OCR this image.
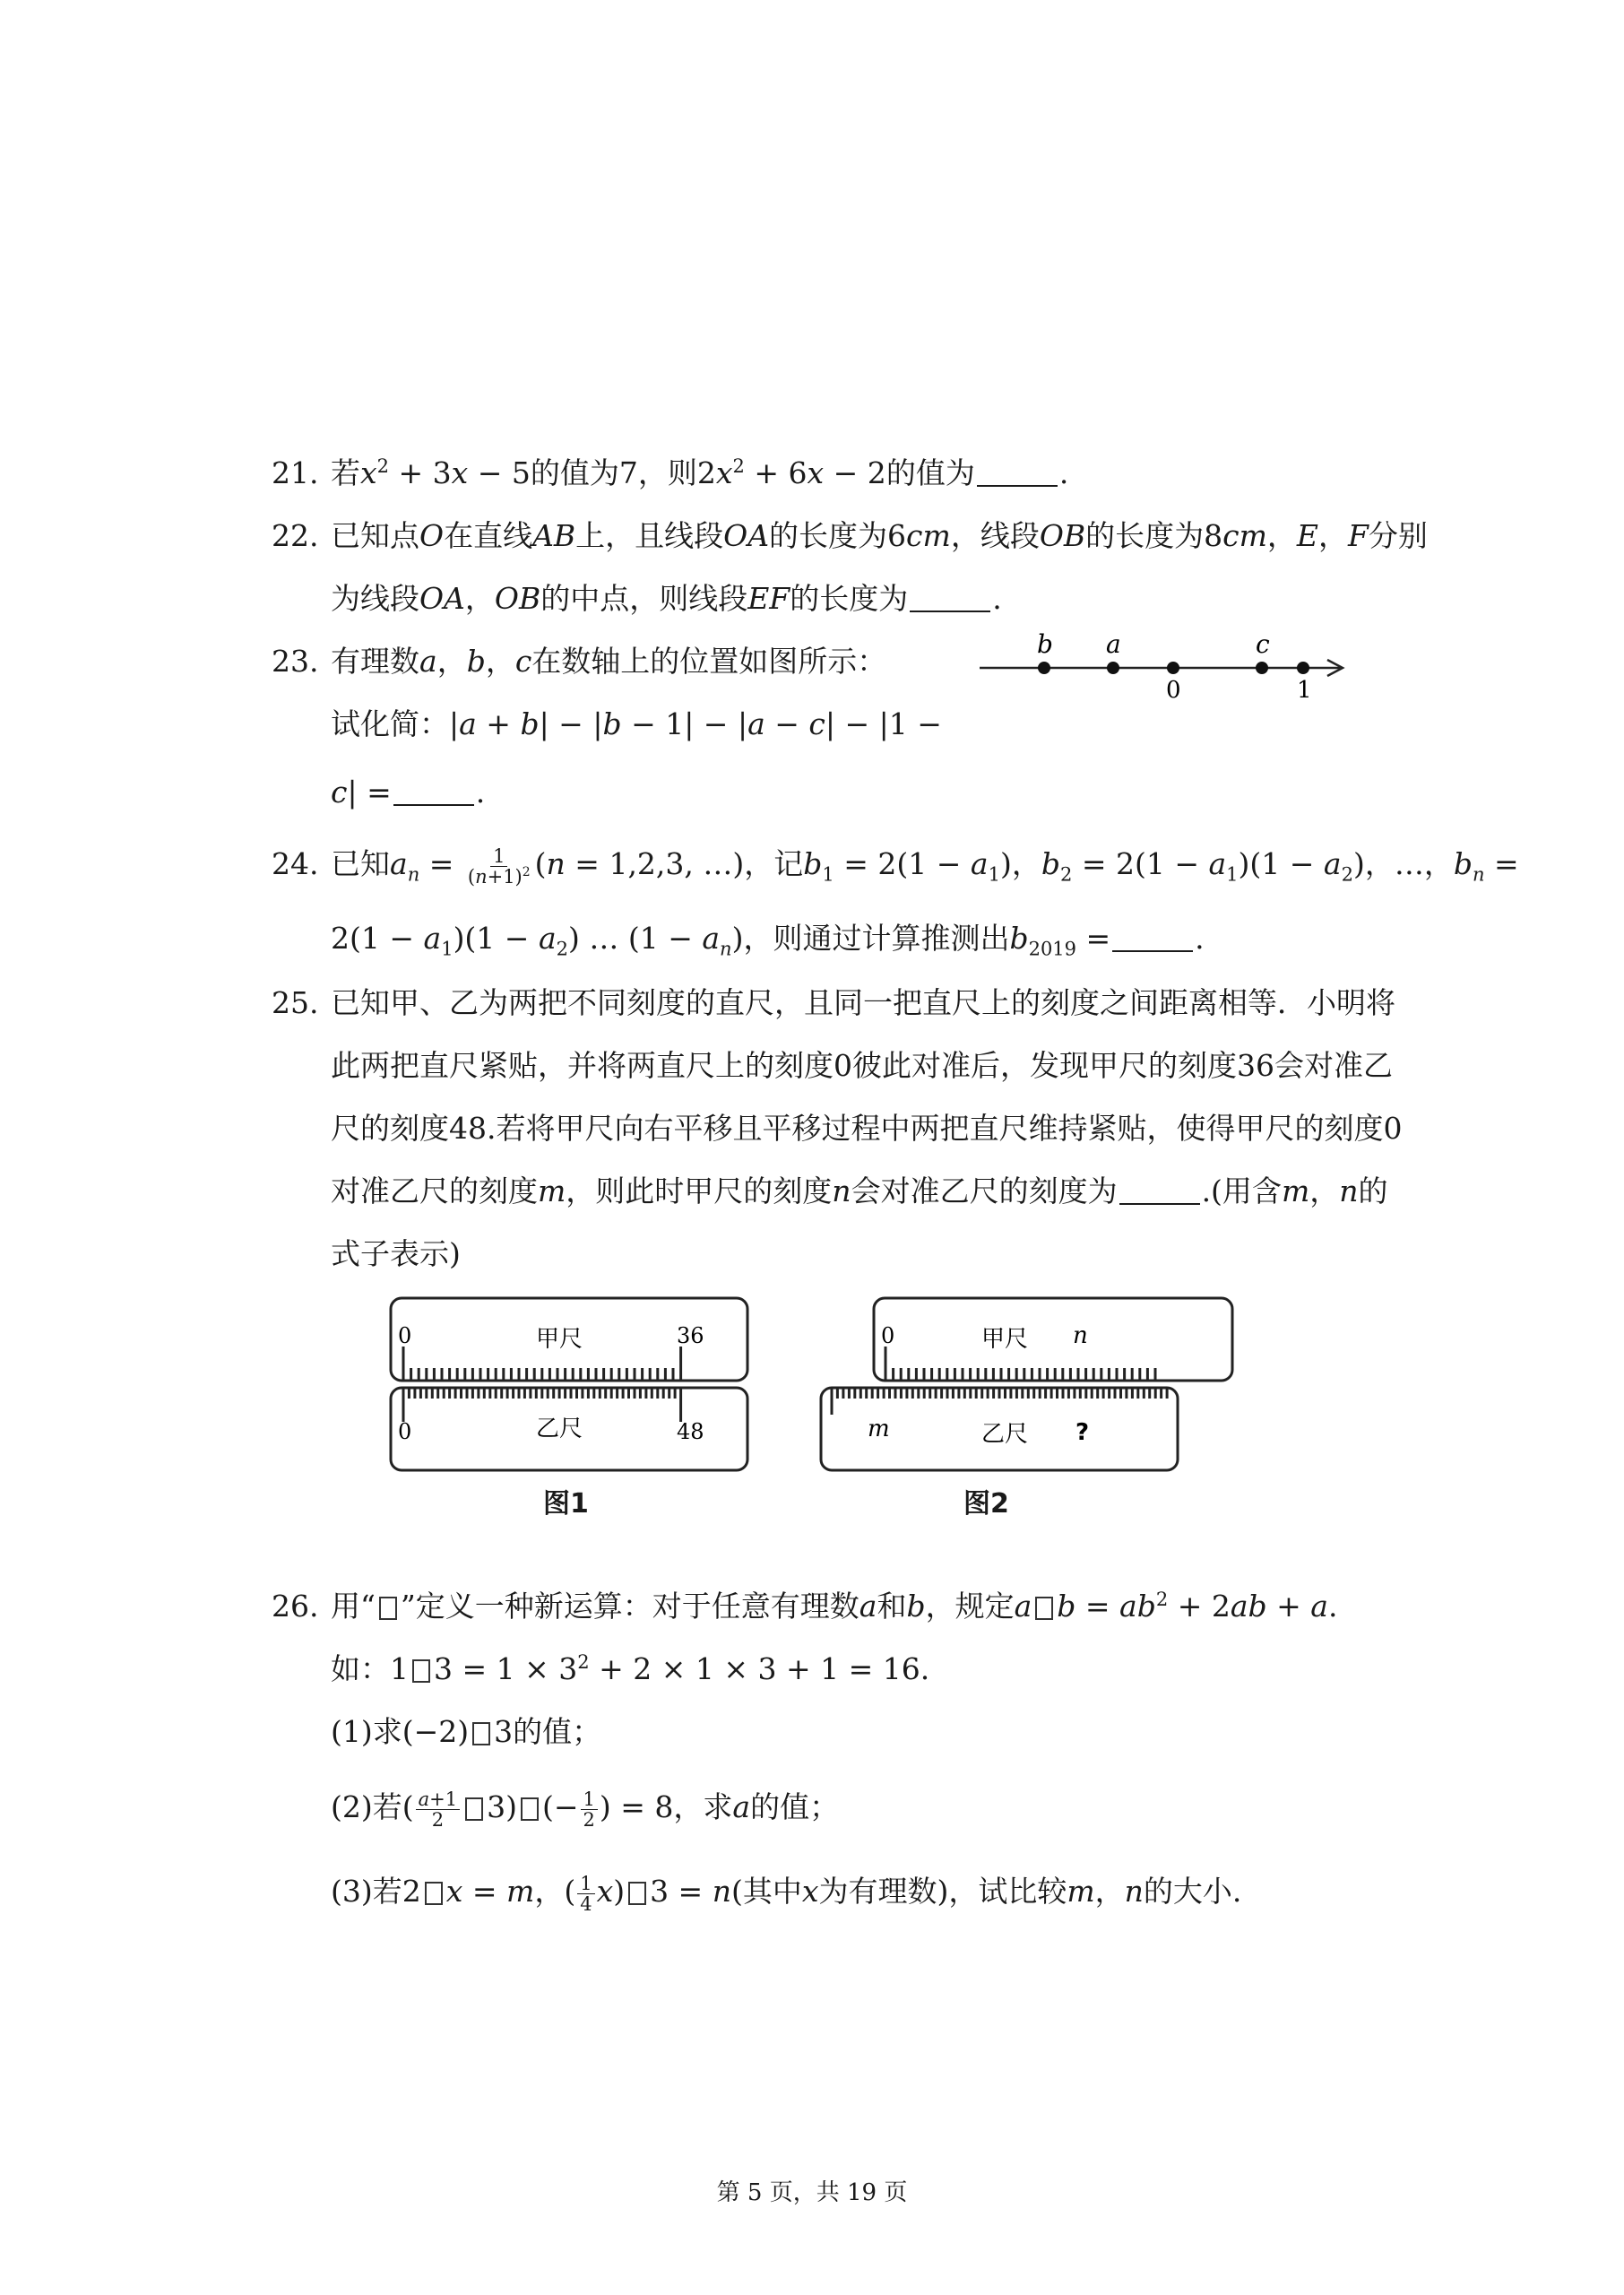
21. 若$x^2 + 3x - 5$的值为7，则$2x^2 + 6x - 2$的值为	.
22. 已知点O在直线AB上，且线段OA的长度为6cm，线段OB的长度为8cm，E，F分别
为线段OA，OB的中点，则线段EF的长度为	.
23. 有理数a，b，c在数轴上的位置如图所示：
试化简：|a + b| − |b − 1| − |a − c| − |1 −
c| =	.
b a	c
0	1
24. 已知$a_n = \frac{1}{(n+1)^2} (n = 1,2,3$, …)，记$b_1 = 2(1 - a_1)$，$b_2 = 2(1 - a_1)(1 - a_2)$，…，$b_n$ =
$2(1 - a_1)(1 - a_2)$ … $(1 - a_n)$，则通过计算推测出$b_{2019}$ =	.
25. 已知甲、乙为两把不同刻度的直尺，且同一把直尺上的刻度之间距离相等．小明将
此两把直尺紧贴，并将两直尺上的刻度0彼此对准后，发现甲尺的刻度36会对准乙
尺的刻度48.若将甲尺向右平移且平移过程中两把直尺维持紧贴，使得甲尺的刻度0
对准乙尺的刻度m，则此时甲尺的刻度n会对准乙尺的刻度为	.(用含m，n的
式子表示)
0	甲尺	36
0	乙尺	48
图1
0	甲尺 n
m	乙尺 ?
图2
26. 用“ ”定义一种新运算：对于任意有理数a和b，规定a $b = ab^2 + 2ab + a$.
如：1 $3 = 1 \times 3^2 + 2 \times 1 \times 3 + 1 = 16$.
(1)求(−2) 3的值；
(2)若( $\frac{a+1}{2} 3$) (− $\frac{1}{2}$ ) = 8，求a的值；
(3)若2 x = m，( $\frac{1}{4} x$) 3 = n(其中x为有理数)，试比较m，n的大小.
第 5 页，共 19 页
